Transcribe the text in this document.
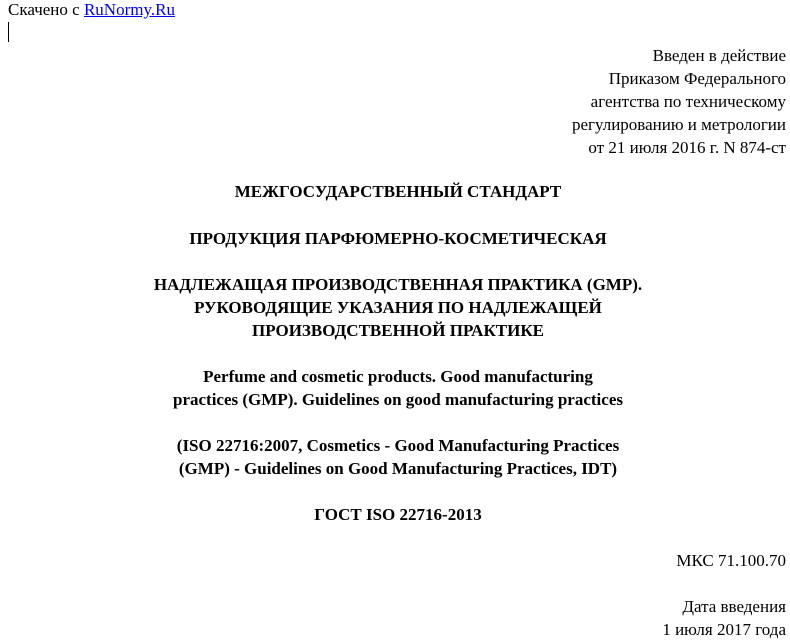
Скачено с RuNormy.Ru
Введен в действие
Приказом Федерального
агентства по техническому
регулированию и метрологии
от 21 июля 2016 г. N 874-ст
МЕЖГОСУДАРСТВЕННЫЙ СТАНДАРТ
ПРОДУКЦИЯ ПАРФЮМЕРНО-КОСМЕТИЧЕСКАЯ
НАДЛЕЖАЩАЯ ПРОИЗВОДСТВЕННАЯ ПРАКТИКА (GMP).
РУКОВОДЯЩИЕ УКАЗАНИЯ ПО НАДЛЕЖАЩЕЙ
ПРОИЗВОДСТВЕННОЙ ПРАКТИКЕ
Perfume and cosmetic products. Good manufacturing
practices (GMP). Guidelines on good manufacturing practices
(ISO 22716:2007, Cosmetics - Good Manufacturing Practices
(GMP) - Guidelines on Good Manufacturing Practices, IDT)
ГОСТ ISO 22716-2013
МКС 71.100.70
Дата введения
1 июля 2017 года
